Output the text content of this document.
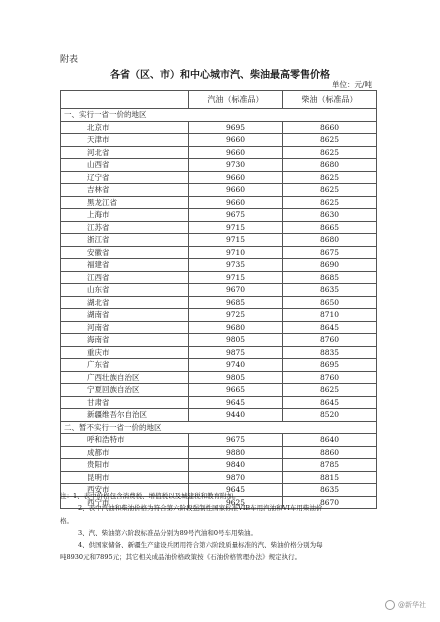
附表
各省（区、市）和中心城市汽、柴油最高零售价格
单位：元/吨
	汽油（标准品）	柴油（标准品）
一、实行一省一价的地区		
北京市	9695	8660
天津市	9660	8625
河北省	9660	8625
山西省	9730	8680
辽宁省	9660	8625
吉林省	9660	8625
黑龙江省	9660	8625
上海市	9675	8630
江苏省	9715	8665
浙江省	9715	8680
安徽省	9710	8675
福建省	9735	8690
江西省	9715	8685
山东省	9670	8635
湖北省	9685	8650
湖南省	9725	8710
河南省	9680	8645
海南省	9805	8760
重庆市	9875	8835
广东省	9740	8695
广西壮族自治区	9805	8760
宁夏回族自治区	9665	8625
甘肃省	9645	8645
新疆维吾尔自治区	9440	8520
二、暂不实行一省一价的地区		
呼和浩特市	9675	8640
成都市	9880	8860
贵阳市	9840	8785
昆明市	9870	8815
西安市	9645	8635
西宁市	9625	8670

注：1、表中价格包含消费税、增值税以及城建税和教育附加。

2、表中汽油和柴油价格为符合第六阶段强制性国家标准VIB车用汽油和VI车用柴油价

格。

3、汽、柴油第六阶段标准品分别为89号汽油和0号车用柴油。

4、供国家储备、新疆生产建设兵团用符合第六阶段质量标准的汽、柴油价格分别为每

吨8930元和7895元；其它相关成品油价格政策按《石油价格管理办法》规定执行。

@新华社
